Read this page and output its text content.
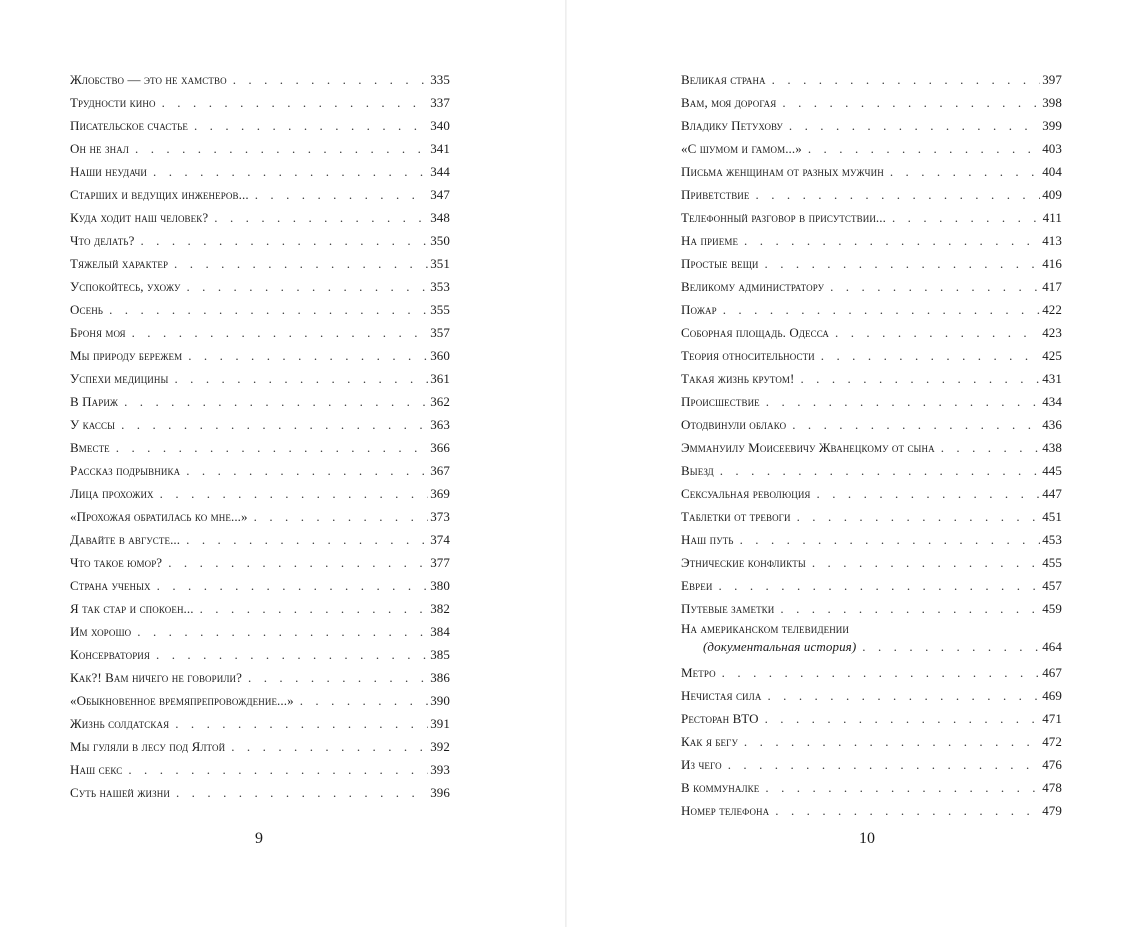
Жлобство — это не хамство . . .	335
Трудности кино . . .	337
Писательское счастье . . .	340
Он не знал . . .	341
Наши неудачи . . .	344
Старших и ведущих инженеров... . . .	347
Куда ходит наш человек? . . .	348
Что делать? . . .	350
Тяжелый характер . . .	351
Успокойтесь, ухожу . . .	353
Осень . . .	355
Броня моя . . .	357
Мы природу бережем . . .	360
Успехи медицины . . .	361
В Париж . . .	362
У кассы . . .	363
Вместе . . .	366
Рассказ подрывника . . .	367
Лица прохожих . . .	369
«Прохожая обратилась ко мне...» . . .	373
Давайте в августе... . . .	374
Что такое юмор? . . .	377
Страна ученых . . .	380
Я так стар и спокоен... . . .	382
Им хорошо . . .	384
Консерватория . . .	385
Как?! Вам ничего не говорили? . . .	386
«Обыкновенное времяпрепровождение...» . . .	390
Жизнь солдатская . . .	391
Мы гуляли в лесу под Ялтой . . .	392
Наш секс . . .	393
Суть нашей жизни . . .	396
9
Великая страна . . .	397
Вам, моя дорогая . . .	398
Владику Петухову . . .	399
«С шумом и гамом...» . . .	403
Письма женщинам от разных мужчин . . .	404
Приветствие . . .	409
Телефонный разговор в присутствии... . . .	411
На приеме . . .	413
Простые вещи . . .	416
Великому администратору . . .	417
Пожар . . .	422
Соборная площадь. Одесса . . .	423
Теория относительности . . .	425
Такая жизнь крутом! . . .	431
Происшествие . . .	434
Отодвинули облако . . .	436
Эммануилу Моисеевичу Жванецкому от сына . . .	438
Выезд . . .	445
Сексуальная революция . . .	447
Таблетки от тревоги . . .	451
Наш путь . . .	453
Этнические конфликты . . .	455
Евреи . . .	457
Путевые заметки . . .	459
На американском телевидении
(документальная история) . . .	464
Метро . . .	467
Нечистая сила . . .	469
Ресторан ВТО . . .	471
Как я бегу . . .	472
Из чего . . .	476
В коммуналке . . .	478
Номер телефона . . .	479
10
